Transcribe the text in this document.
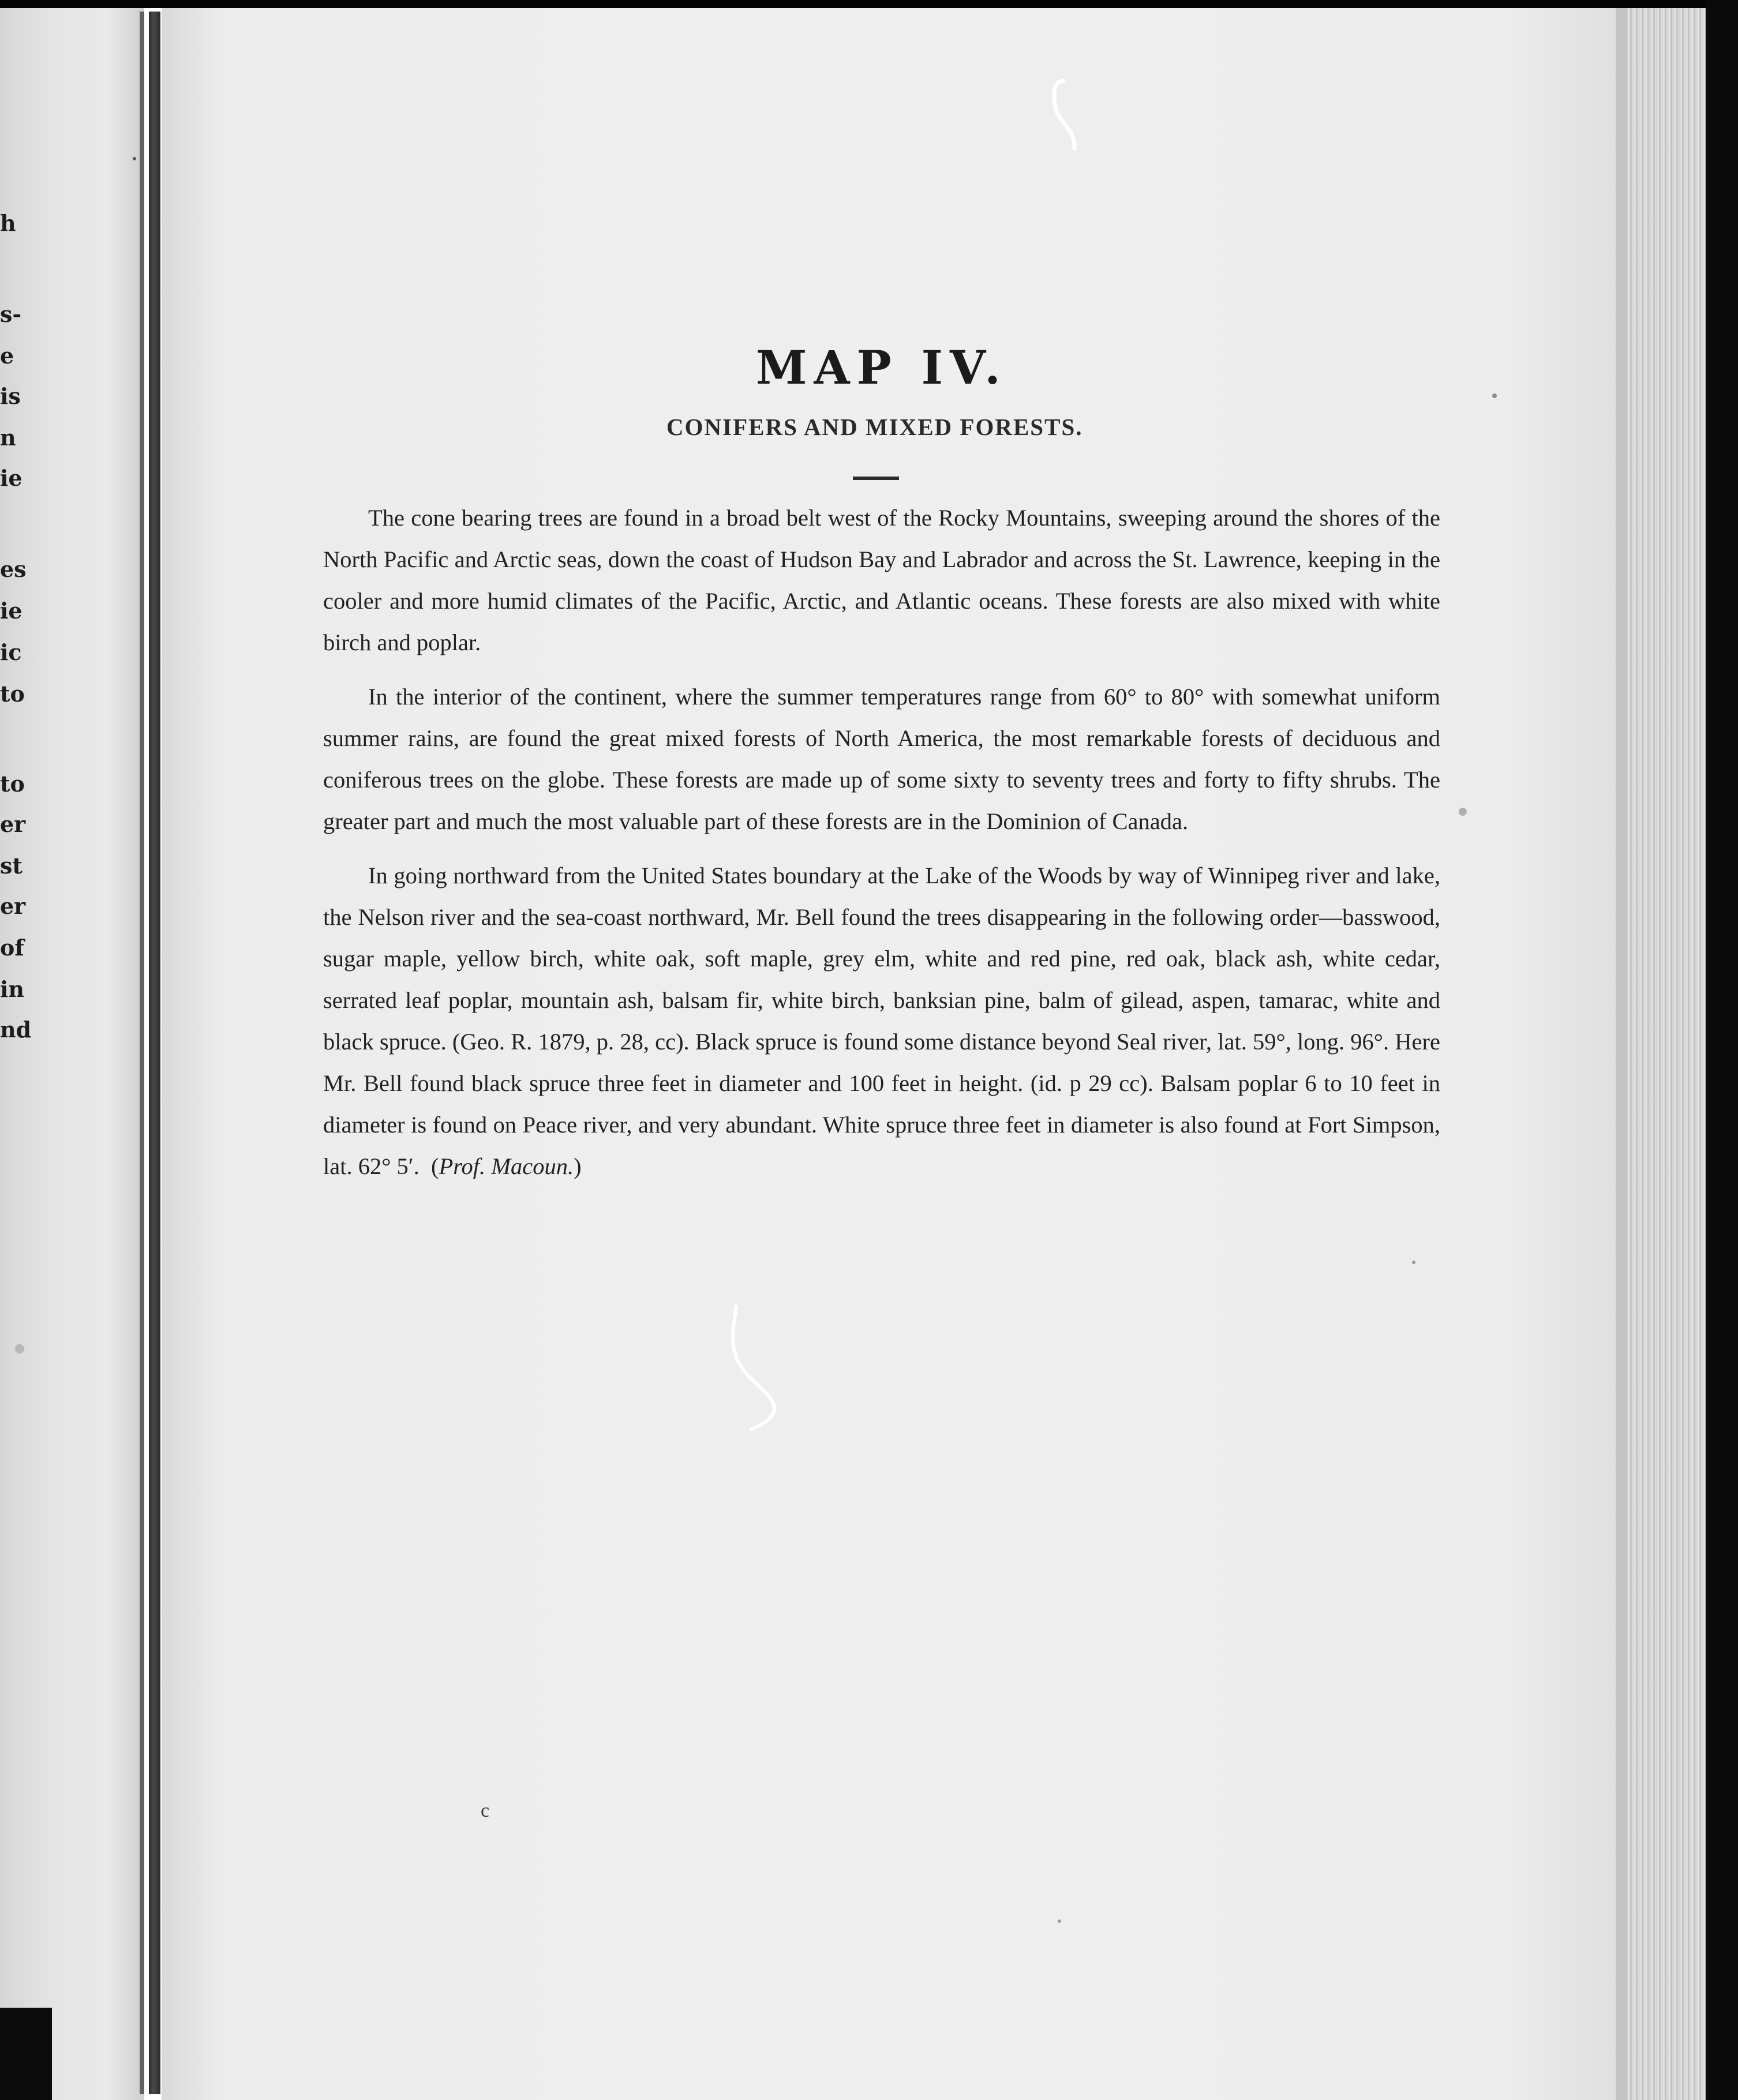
h
s-
e
is
n
ie
es
ie
ic
to
to
er
st
er
of
in
nd
MAP IV.
CONIFERS AND MIXED FORESTS.

The cone bearing trees are found in a broad belt west of the Rocky Mountains, sweeping around the shores of the North Pacific and Arctic seas, down the coast of Hudson Bay and Labrador and across the St. Lawrence, keeping in the cooler and more humid climates of the Pacific, Arctic, and Atlantic oceans. These forests are also mixed with white birch and poplar.

In the interior of the continent, where the summer temperatures range from 60° to 80° with somewhat uniform summer rains, are found the great mixed forests of North America, the most remarkable forests of deciduous and coniferous trees on the globe. These forests are made up of some sixty to seventy trees and forty to fifty shrubs. The greater part and much the most valuable part of these forests are in the Dominion of Canada.

In going northward from the United States boundary at the Lake of the Woods by way of Winnipeg river and lake, the Nelson river and the sea-coast northward, Mr. Bell found the trees disappearing in the following order—basswood, sugar maple, yellow birch, white oak, soft maple, grey elm, white and red pine, red oak, black ash, white cedar, serrated leaf poplar, mountain ash, balsam fir, white birch, banksian pine, balm of gilead, aspen, tamarac, white and black spruce. (Geo. R. 1879, p. 28, cc). Black spruce is found some distance beyond Seal river, lat. 59°, long. 96°. Here Mr. Bell found black spruce three feet in diameter and 100 feet in height. (id. p 29 cc). Balsam poplar 6 to 10 feet in diameter is found on Peace river, and very abundant. White spruce three feet in diameter is also found at Fort Simpson, lat. 62° 5′. (Prof. Macoun.)

c
